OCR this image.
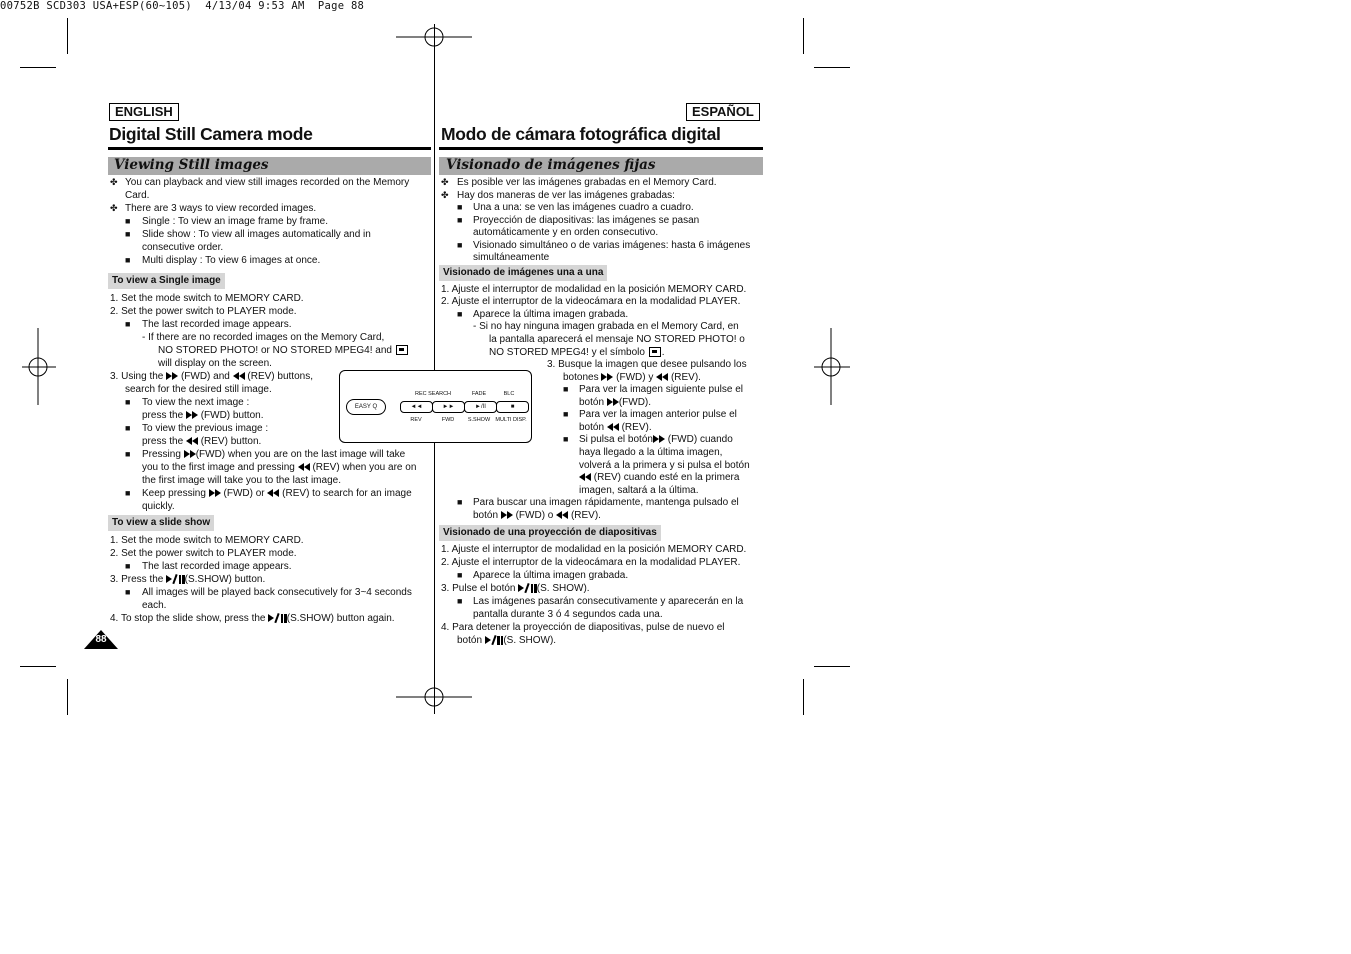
00752B SCD303 USA+ESP(60~105)  4/13/04 9:53 AM  Page 88
ENGLISH
Digital Still Camera mode
Viewing Still images
✤ You can playback and view still images recorded on the Memory
Card.
✤ There are 3 ways to view recorded images.
■ Single : To view an image frame by frame.
■ Slide show : To view all images automatically and in
consecutive order.
■ Multi display : To view 6 images at once.
To view a Single image
1. Set the mode switch to MEMORY CARD.
2. Set the power switch to PLAYER mode.
■ The last recorded image appears.
- If there are no recorded images on the Memory Card,
NO STORED PHOTO! or NO STORED MPEG4! and
will display on the screen.
3. Using the (FWD) and (REV) buttons,
search for the desired still image.
■ To view the next image :
press the (FWD) button.
■ To view the previous image :
press the (REV) button.
■ Pressing (FWD) when you are on the last image will take
you to the first image and pressing (REV) when you are on
the first image will take you to the last image.
■ Keep pressing (FWD) or (REV) to search for an image
quickly.
To view a slide show
1. Set the mode switch to MEMORY CARD.
2. Set the power switch to PLAYER mode.
■ The last recorded image appears.
3. Press the (S.SHOW) button.
■ All images will be played back consecutively for 3~4 seconds
each.
4. To stop the slide show, press the (S.SHOW) button again.
88
EASY Q
REC SEARCH	FADE	BLC
◄◄	►►	►/II	■
REV	FWD	S.SHOW MULTI DISP.
ESPAÑOL
Modo de cámara fotográfica digital
Visionado de imágenes fijas
✤ Es posible ver las imágenes grabadas en el Memory Card.
✤ Hay dos maneras de ver las imágenes grabadas:
■ Una a una: se ven las imágenes cuadro a cuadro.
■ Proyección de diapositivas: las imágenes se pasan
automáticamente y en orden consecutivo.
■ Visionado simultáneo o de varias imágenes: hasta 6 imágenes
simultáneamente
Visionado de imágenes una a una
1. Ajuste el interruptor de modalidad en la posición MEMORY CARD.
2. Ajuste el interruptor de la videocámara en la modalidad PLAYER.
■ Aparece la última imagen grabada.
- Si no hay ninguna imagen grabada en el Memory Card, en
la pantalla aparecerá el mensaje NO STORED PHOTO! o
NO STORED MPEG4! y el símbolo .
3. Busque la imagen que desee pulsando los
botones (FWD) y (REV).
■ Para ver la imagen siguiente pulse el
botón (FWD).
■ Para ver la imagen anterior pulse el
botón (REV).
■ Si pulsa el botón (FWD) cuando
haya llegado a la última imagen,
volverá a la primera y si pulsa el botón
(REV) cuando esté en la primera
imagen, saltará a la última.
■ Para buscar una imagen rápidamente, mantenga pulsado el
botón (FWD) o (REV).
Visionado de una proyección de diapositivas
1. Ajuste el interruptor de modalidad en la posición MEMORY CARD.
2. Ajuste el interruptor de la videocámara en la modalidad PLAYER.
■ Aparece la última imagen grabada.
3. Pulse el botón (S. SHOW).
■ Las imágenes pasarán consecutivamente y aparecerán en la
pantalla durante 3 ó 4 segundos cada una.
4. Para detener la proyección de diapositivas, pulse de nuevo el
botón (S. SHOW).
